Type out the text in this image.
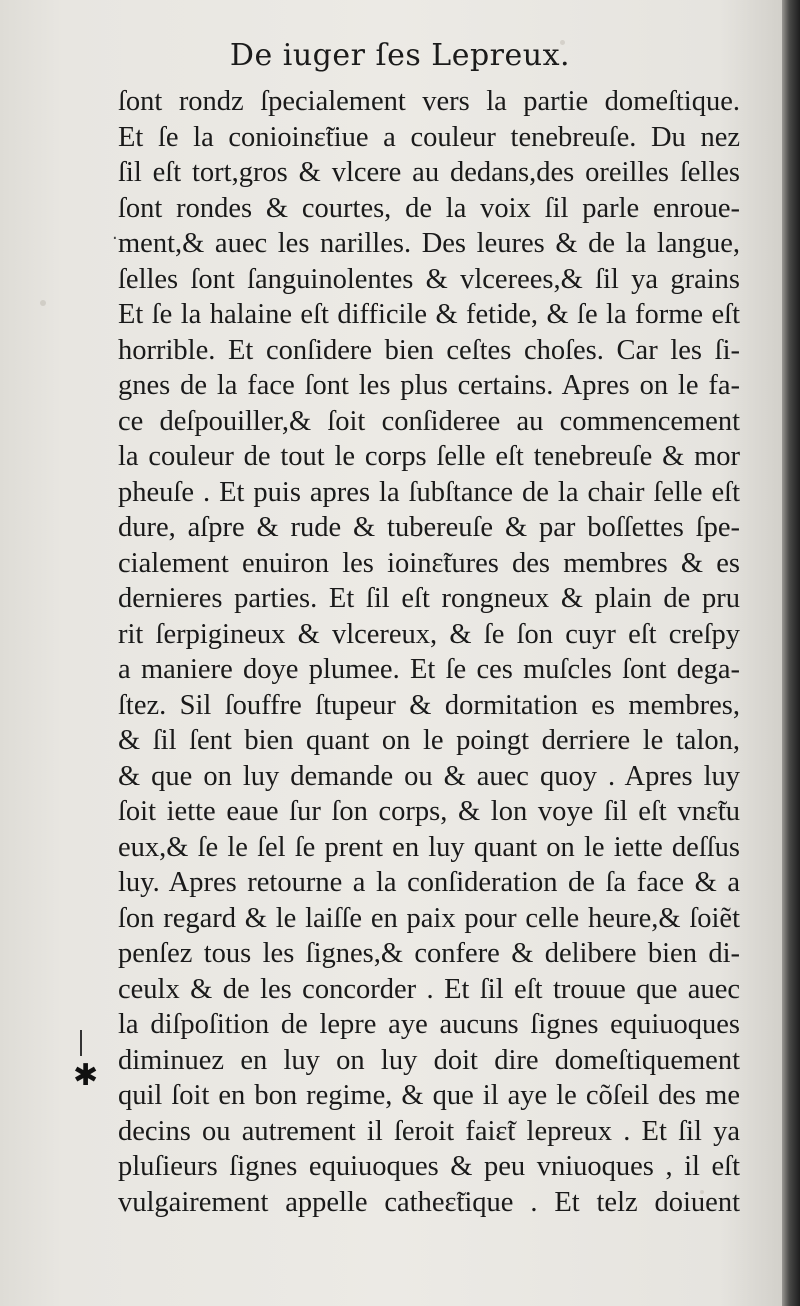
De iuger ſes Lepreux.
·
✱
ſont rondz ſpecialement vers la partie domeſtique.
Et ſe la conioinɛ̃tiue a couleur tenebreuſe. Du nez
ſil eſt tort,gros & vlcere au dedans,des oreilles ſelles
ſont rondes & courtes, de la voix ſil parle enroue-
ment,& auec les narilles. Des leures & de la langue,
ſelles ſont ſanguinolentes & vlcerees,& ſil ya grains
Et ſe la halaine eſt difficile & fetide, & ſe la forme eſt
horrible. Et conſidere bien ceſtes choſes. Car les ſi-
gnes de la face ſont les plus certains. Apres on le fa-
ce deſpouiller,& ſoit conſideree au commencement
la couleur de tout le corps ſelle eſt tenebreuſe & mor
pheuſe . Et puis apres la ſubſtance de la chair ſelle eſt
dure, aſpre & rude & tubereuſe & par boſſettes ſpe-
cialement enuiron les ioinɛ̃tures des membres & es
dernieres parties. Et ſil eſt rongneux & plain de pru
rit ſerpigineux & vlcereux, & ſe ſon cuyr eſt creſpy
a maniere doye plumee. Et ſe ces muſcles ſont dega-
ſtez. Sil ſouffre ſtupeur & dormitation es membres,
& ſil ſent bien quant on le poingt derriere le talon,
& que on luy demande ou & auec quoy . Apres luy
ſoit iette eaue ſur ſon corps, & lon voye ſil eſt vnɛ̃tu
eux,& ſe le ſel ſe prent en luy quant on le iette deſſus
luy. Apres retourne a la conſideration de ſa face & a
ſon regard & le laiſſe en paix pour celle heure,& ſoiẽt
penſez tous les ſignes,& confere & delibere bien di-
ceulx & de les concorder . Et ſil eſt trouue que auec
la diſpoſition de lepre aye aucuns ſignes equiuoques
diminuez en luy on luy doit dire domeſtiquement
quil ſoit en bon regime, & que il aye le cõſeil des me
decins ou autrement il ſeroit faiɛ̃t lepreux . Et ſil ya
pluſieurs ſignes equiuoques & peu vniuoques , il eſt
vulgairement appelle catheɛ̃tique . Et telz doiuent
